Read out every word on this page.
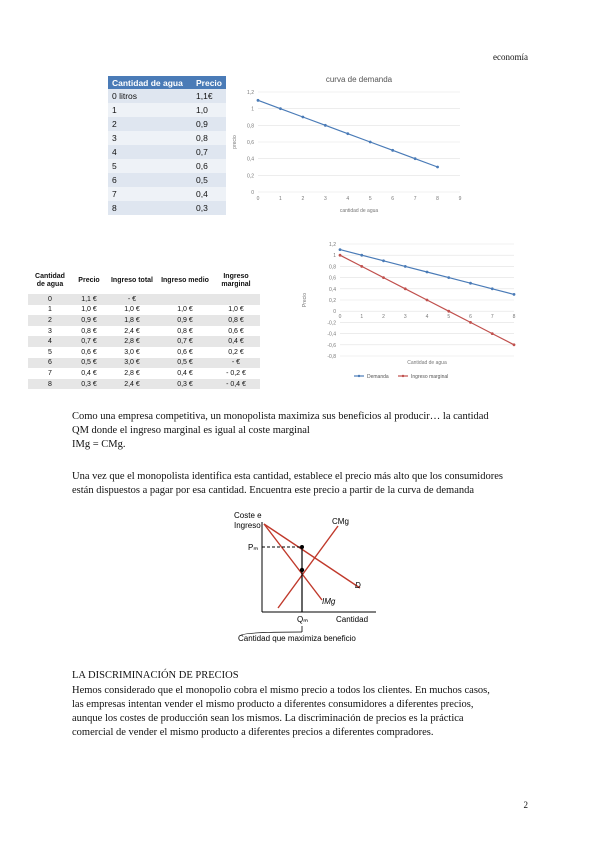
economía
Cantidad de agua	Precio
0 litros	1,1€
1	1,0
2	0,9
3	0,8
4	0,7
5	0,6
6	0,5
7	0,4
8	0,3
curva de demanda
0
0,2
0,4
0,6
0,8
1
1,2
0	1	2	3	4	5	6	7	8	9
cantidad de agua
precio
Cantidad de agua	Precio	Ingreso total	Ingreso medio	Ingreso marginal
0	1,1 €	- €		
1	1,0 €	1,0 €	1,0 €	1,0 €
2	0,9 €	1,8 €	0,9 €	0,8 €
3	0,8 €	2,4 €	0,8 €	0,6 €
4	0,7 €	2,8 €	0,7 €	0,4 €
5	0,6 €	3,0 €	0,6 €	0,2 €
6	0,5 €	3,0 €	0,5 €	- €
7	0,4 €	2,8 €	0,4 €	- 0,2 €
8	0,3 €	2,4 €	0,3 €	- 0,4 €
-0,8
-0,6
-0,4
-0,2
0
0,2
0,4
0,6
0,8
1
1,2
0	1	2	3	4	5	6	7	8
Cantidad de agua
Precio
Demanda	Ingreso marginal
Como una empresa competitiva, un monopolista maximiza sus beneficios al producir… la cantidad
QM donde el ingreso marginal es igual al coste marginal
IMg = CMg.
Una vez que el monopolista identifica esta cantidad, establece el precio más alto que los consumidores
están dispuestos a pagar por esa cantidad. Encuentra este precio a partir de la curva de demanda
Coste e
Ingreso
Pₘ
CMg
D
IMg
Qₘ	Cantidad
Cantidad que maximiza beneficio
LA DISCRIMINACIÓN DE PRECIOS
Hemos considerado que el monopolio cobra el mismo precio a todos los clientes. En muchos casos,
las empresas intentan vender el mismo producto a diferentes consumidores a diferentes precios,
aunque los costes de producción sean los mismos. La discriminación de precios es la práctica
comercial de vender el mismo producto a diferentes precios a diferentes compradores.
2
